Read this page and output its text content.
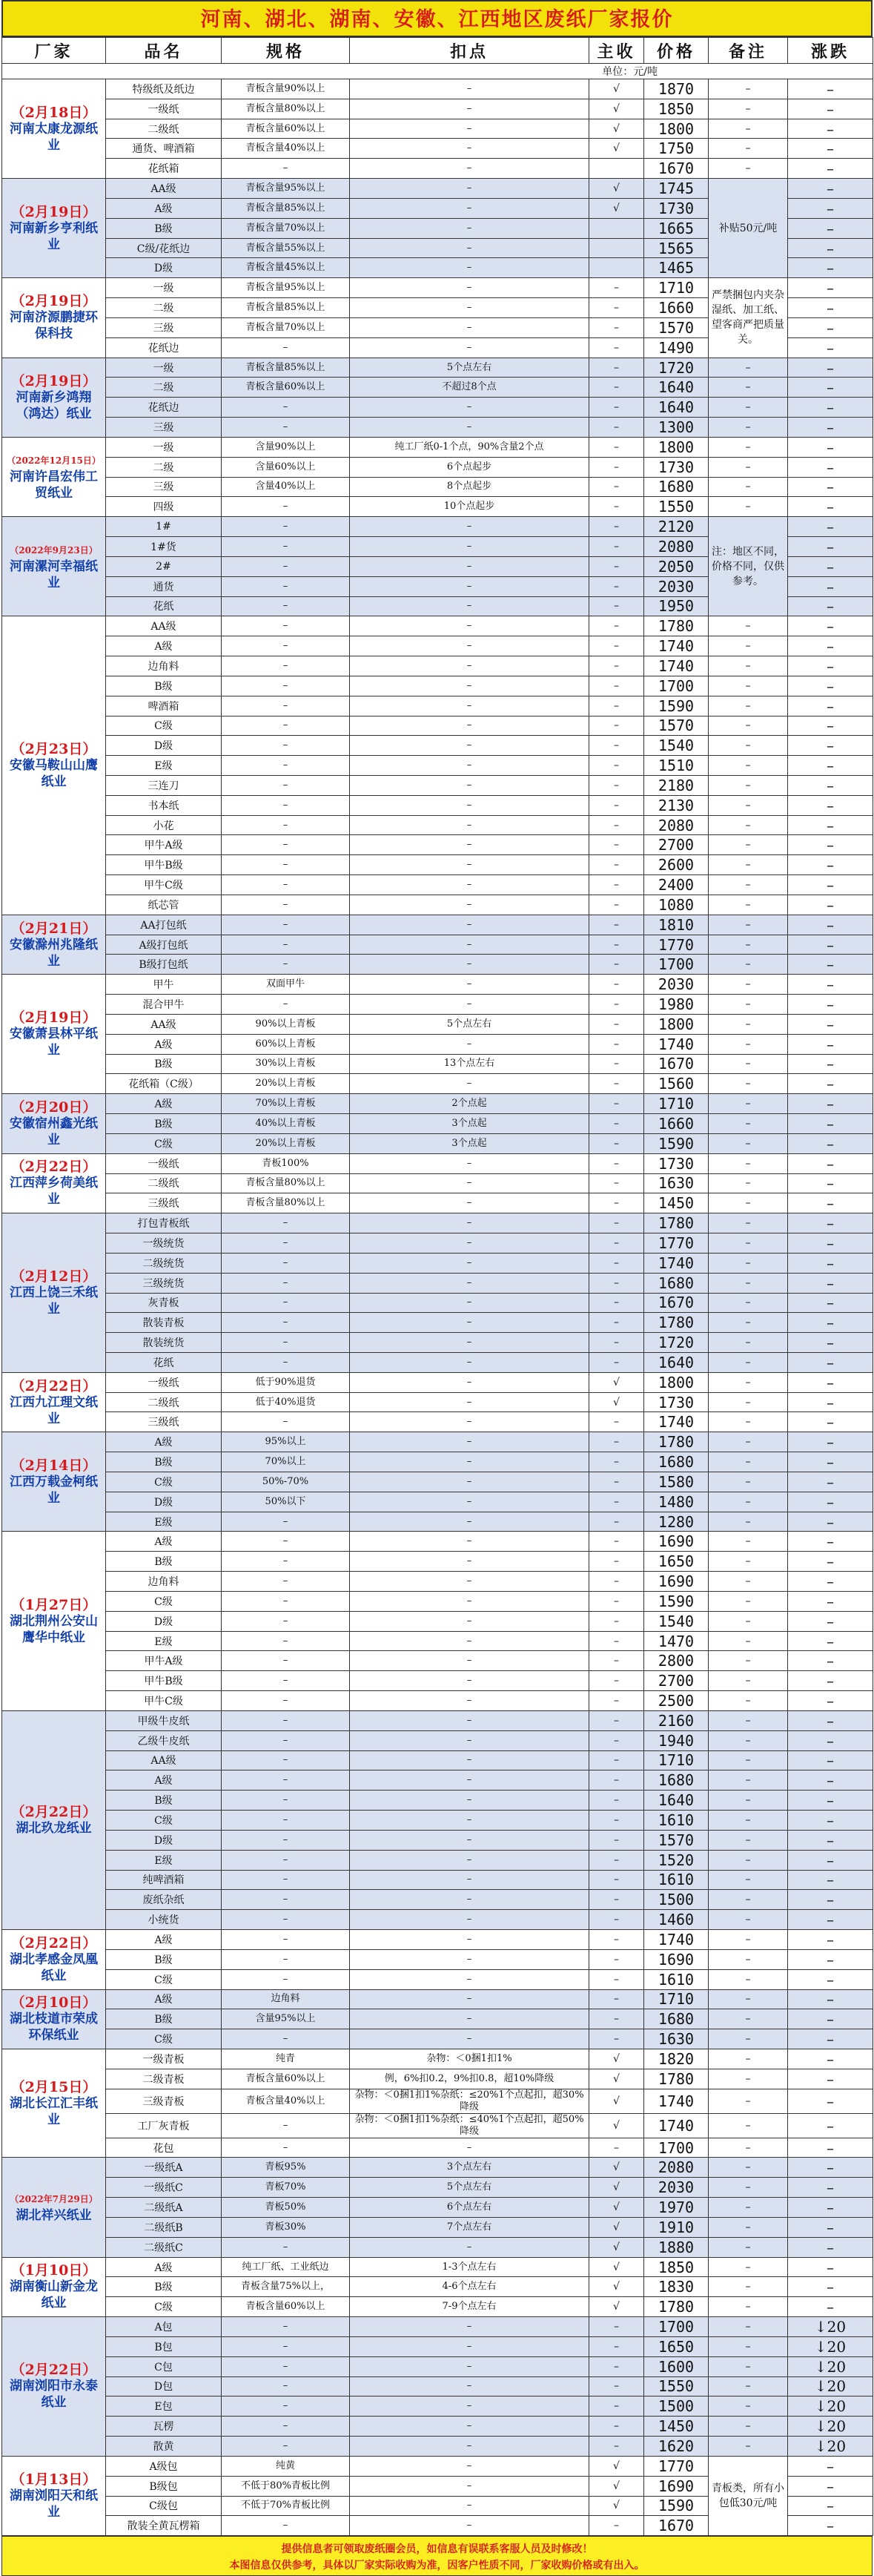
河南、湖北、湖南、安徽、江西地区废纸厂家报价
厂家	品名	规格	扣点	主收	价格	备注	涨跌
单位：元/吨							

（2月18日）
河南太康龙源纸业	特级纸及纸边	青板含量90%以上	–	√	1870	–	–
	一级纸	青板含量80%以上	–	√	1850	–	–
	二级纸	青板含量60%以上	–	√	1800	–	–
	通货、啤酒箱	青板含量40%以上	–	√	1750	–	–
	花纸箱	–	–		1670	–	–

（2月19日）
河南新乡亨利纸业	AA级	青板含量95%以上	–	√	1745	补贴50元/吨	–
	A级	青板含量85%以上	–	√	1730		–
	B级	青板含量70%以上	–		1665		–
	C级/花纸边	青板含量55%以上	–		1565		–
	D级	青板含量45%以上	–		1465		–

（2月19日）
河南济源鹏捷环保科技	一级	青板含量95%以上	–	–	1710	严禁捆包内夹杂湿纸、加工纸、望客商严把质量关。	–
	二级	青板含量85%以上	–	–	1660		–
	三级	青板含量70%以上	–	–	1570		–
	花纸边	–	–	–	1490		–

（2月19日）
河南新乡鸿翔（鸿达）纸业	一级	青板含量85%以上	5个点左右	–	1720	–	–
	二级	青板含量60%以上	不超过8个点	–	1640	–	–
	花纸边	–	–	–	1640	–	–
	三级	–	–	–	1300	–	–

（2022年12月15日）
河南许昌宏伟工贸纸业	一级	含量90%以上	纯工厂纸0-1个点，90%含量2个点	–	1800	–	–
	二级	含量60%以上	6个点起步	–	1730	–	–
	三级	含量40%以上	8个点起步	–	1680	–	–
	四级	–	10个点起步	–	1550	–	–

（2022年9月23日）
河南漯河幸福纸业	1#	–	–	–	2120	注：地区不同，价格不同，仅供参考。	–
	1#货	–	–	–	2080		–
	2#	–	–	–	2050		–
	通货	–	–	–	2030		–
	花纸	–	–	–	1950		–

（2月23日）
安徽马鞍山山鹰纸业	AA级	–	–	–	1780	–	–
	A级	–	–	–	1740	–	–
	边角料	–	–	–	1740	–	–
	B级	–	–	–	1700	–	–
	啤酒箱	–	–	–	1590	–	–
	C级	–	–	–	1570	–	–
	D级	–	–	–	1540	–	–
	E级	–	–	–	1510	–	–
	三连刀	–	–	–	2180	–	–
	书本纸	–	–	–	2130	–	–
	小花	–	–	–	2080	–	–
	甲牛A级	–	–	–	2700	–	–
	甲牛B级	–	–	–	2600	–	–
	甲牛C级	–	–	–	2400	–	–
	纸芯管	–	–	–	1080	–	–

（2月21日）
安徽滁州兆隆纸业	AA打包纸	–	–	–	1810	–	–
	A级打包纸	–	–	–	1770	–	–
	B级打包纸	–	–	–	1700	–	–

（2月19日）
安徽萧县林平纸业	甲牛	双面甲牛	–	–	2030	–	–
	混合甲牛	–	–	–	1980	–	–
	AA级	90%以上青板	5个点左右	–	1800	–	–
	A级	60%以上青板	–	–	1740	–	–
	B级	30%以上青板	13个点左右	–	1670	–	–
	花纸箱（C级）	20%以上青板	–	–	1560	–	–

（2月20日）
安徽宿州鑫光纸业	A级	70%以上青板	2个点起	–	1710	–	–
	B级	40%以上青板	3个点起	–	1660	–	–
	C级	20%以上青板	3个点起	–	1590	–	–

（2月22日）
江西萍乡荷美纸业	一级纸	青板100%	–	–	1730	–	–
	二级纸	青板含量80%以上	–	–	1630	–	–
	三级纸	青板含量80%以上	–	–	1450	–	–

（2月12日）
江西上饶三禾纸业	打包青板纸	–	–	–	1780	–	–
	一级统货	–	–	–	1770	–	–
	二级统货	–	–	–	1740	–	–
	三级统货	–	–	–	1680	–	–
	灰青板	–	–	–	1670	–	–
	散装青板	–	–	–	1780	–	–
	散装统货	–	–	–	1720	–	–
	花纸	–	–	–	1640	–	–

（2月22日）
江西九江理文纸业	一级纸	低于90%退货	–	√	1800	–	–
	二级纸	低于40%退货	–	√	1730	–	–
	三级纸	–	–	–	1740	–	–

（2月14日）
江西万载金柯纸业	A级	95%以上	–	–	1780	–	–
	B级	70%以上	–	–	1680	–	–
	C级	50%-70%	–	–	1580	–	–
	D级	50%以下	–	–	1480	–	–
	E级	–	–	–	1280	–	–

（1月27日）
湖北荆州公安山鹰华中纸业	A级	–	–	–	1690	–	–
	B级	–	–	–	1650	–	–
	边角料	–	–	–	1690	–	–
	C级	–	–	–	1590	–	–
	D级	–	–	–	1540	–	–
	E级	–	–	–	1470	–	–
	甲牛A级	–	–	–	2800	–	–
	甲牛B级	–	–	–	2700	–	–
	甲牛C级	–	–	–	2500	–	–

（2月22日）
湖北玖龙纸业	甲级牛皮纸	–	–	–	2160	–	–
	乙级牛皮纸	–	–	–	1940	–	–
	AA级	–	–	–	1710	–	–
	A级	–	–	–	1680	–	–
	B级	–	–	–	1640	–	–
	C级	–	–	–	1610	–	–
	D级	–	–	–	1570	–	–
	E级	–	–	–	1520	–	–
	纯啤酒箱	–	–	–	1610	–	–
	废纸杂纸	–	–	–	1500	–	–
	小统货	–	–	–	1460	–	–

（2月22日）
湖北孝感金凤凰纸业	A级	–	–	–	1740	–	–
	B级	–	–	–	1690	–	–
	C级	–	–	–	1610	–	–

（2月10日）
湖北枝道市荣成环保纸业	A级	边角料	–	–	1710	–	–
	B级	含量95%以上	–	–	1680	–	–
	C级	–	–	–	1630	–	–

（2月15日）
湖北长江汇丰纸业	一级青板	纯青	杂物：＜0捆1扣1%	√	1820	–	–
	二级青板	青板含量60%以上	例，6%扣0.2，9%扣0.8，超10%降级	√	1780	–	–
	三级青板	青板含量40%以上	杂物：＜0捆1扣1%杂纸：≤20%1个点起扣，超30%降级	√	1740	–	–
	工厂灰青板	–	杂物：＜0捆1扣1%杂纸：≤40%1个点起扣，超50%降级	√	1740	–	–
	花包	–	–	–	1700	–	–

（2022年7月29日）
湖北祥兴纸业	一级纸A	青板95%	3个点左右	√	2080	–	–
	一级纸C	青板70%	5个点左右	√	2030	–	–
	二级纸A	青板50%	6个点左右	√	1970	–	–
	二级纸B	青板30%	7个点左右	√	1910	–	–
	二级纸C	–	–	√	1880	–	–

（1月10日）
湖南衡山新金龙纸业	A级	纯工厂纸、工业纸边	1-3个点左右	√	1850	–	–
	B级	青板含量75%以上，	4-6个点左右	√	1830	–	–
	C级	青板含量60%以上	7-9个点左右	√	1780	–	–

（2月22日）
湖南浏阳市永泰纸业	A包	–	–	–	1700	–	↓20
	B包	–	–	–	1650	–	↓20
	C包	–	–	–	1600	–	↓20
	D包	–	–	–	1550	–	↓20
	E包	–	–	–	1500	–	↓20
	瓦楞	–	–	–	1450	–	↓20
	散黄	–	–	–	1620	–	↓20

（1月13日）
湖南浏阳天和纸业	A级包	纯黄	–	√	1770	青板类，所有小包低30元/吨	–
	B级包	不低于80%青板比例	–	√	1690		–
	C级包	不低于70%青板比例	–	√	1590		–
	散装全黄瓦楞箱	–	–	–	1670		–
提供信息者可领取废纸圈会员，如信息有误联系客服人员及时修改！
本图信息仅供参考，具体以厂家实际收购为准，因客户性质不同，厂家收购价格或有出入。
